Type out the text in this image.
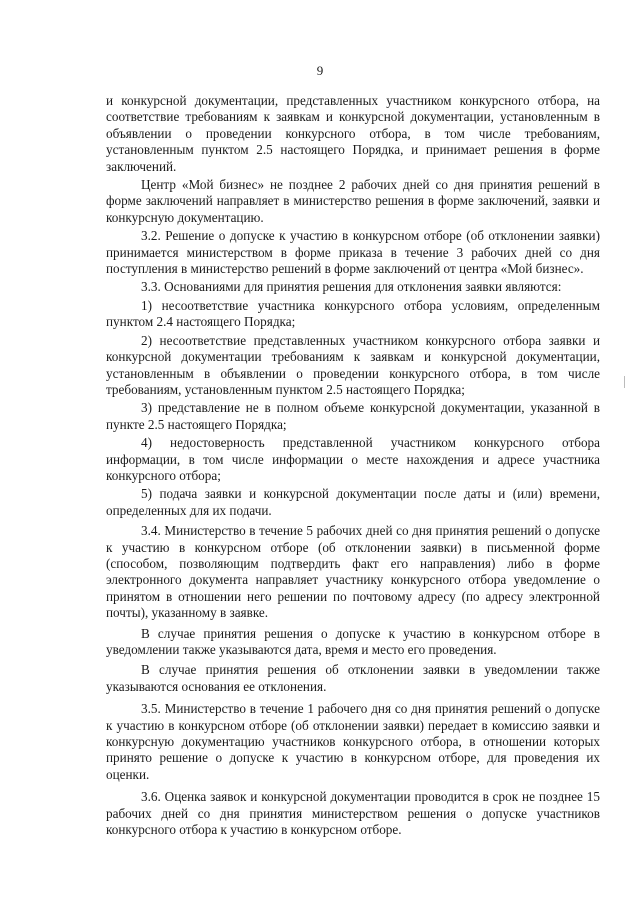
9

и конкурсной документации, представленных участником конкурсного отбора, на соответствие требованиям к заявкам и конкурсной документации, установленным в объявлении о проведении конкурсного отбора, в том числе требованиям, установленным пунктом 2.5 настоящего Порядка, и принимает решения в форме заключений.

Центр «Мой бизнес» не позднее 2 рабочих дней со дня принятия решений в форме заключений направляет в министерство решения в форме заключений, заявки и конкурсную документацию.

3.2. Решение о допуске к участию в конкурсном отборе (об отклонении заявки) принимается министерством в форме приказа в течение 3 рабочих дней со дня поступления в министерство решений в форме заключений от центра «Мой бизнес».

3.3. Основаниями для принятия решения для отклонения заявки являются:

1) несоответствие участника конкурсного отбора условиям, определенным пунктом 2.4 настоящего Порядка;

2) несоответствие представленных участником конкурсного отбора заявки и конкурсной документации требованиям к заявкам и конкурсной документации, установленным в объявлении о проведении конкурсного отбора, в том числе требованиям, установленным пунктом 2.5 настоящего Порядка;

3) представление не в полном объеме конкурсной документации, указанной в пункте 2.5 настоящего Порядка;

4) недостоверность представленной участником конкурсного отбора информации, в том числе информации о месте нахождения и адресе участника конкурсного отбора;

5) подача заявки и конкурсной документации после даты и (или) времени, определенных для их подачи.

3.4. Министерство в течение 5 рабочих дней со дня принятия решений о допуске к участию в конкурсном отборе (об отклонении заявки) в письменной форме (способом, позволяющим подтвердить факт его направления) либо в форме электронного документа направляет участнику конкурсного отбора уведомление о принятом в отношении него решении по почтовому адресу (по адресу электронной почты), указанному в заявке.

В случае принятия решения о допуске к участию в конкурсном отборе в уведомлении также указываются дата, время и место его проведения.

В случае принятия решения об отклонении заявки в уведомлении также указываются основания ее отклонения.

3.5. Министерство в течение 1 рабочего дня со дня принятия решений о допуске к участию в конкурсном отборе (об отклонении заявки) передает в комиссию заявки и конкурсную документацию участников конкурсного отбора, в отношении которых принято решение о допуске к участию в конкурсном отборе, для проведения их оценки.

3.6. Оценка заявок и конкурсной документации проводится в срок не позднее 15 рабочих дней со дня принятия министерством решения о допуске участников конкурсного отбора к участию в конкурсном отборе.
